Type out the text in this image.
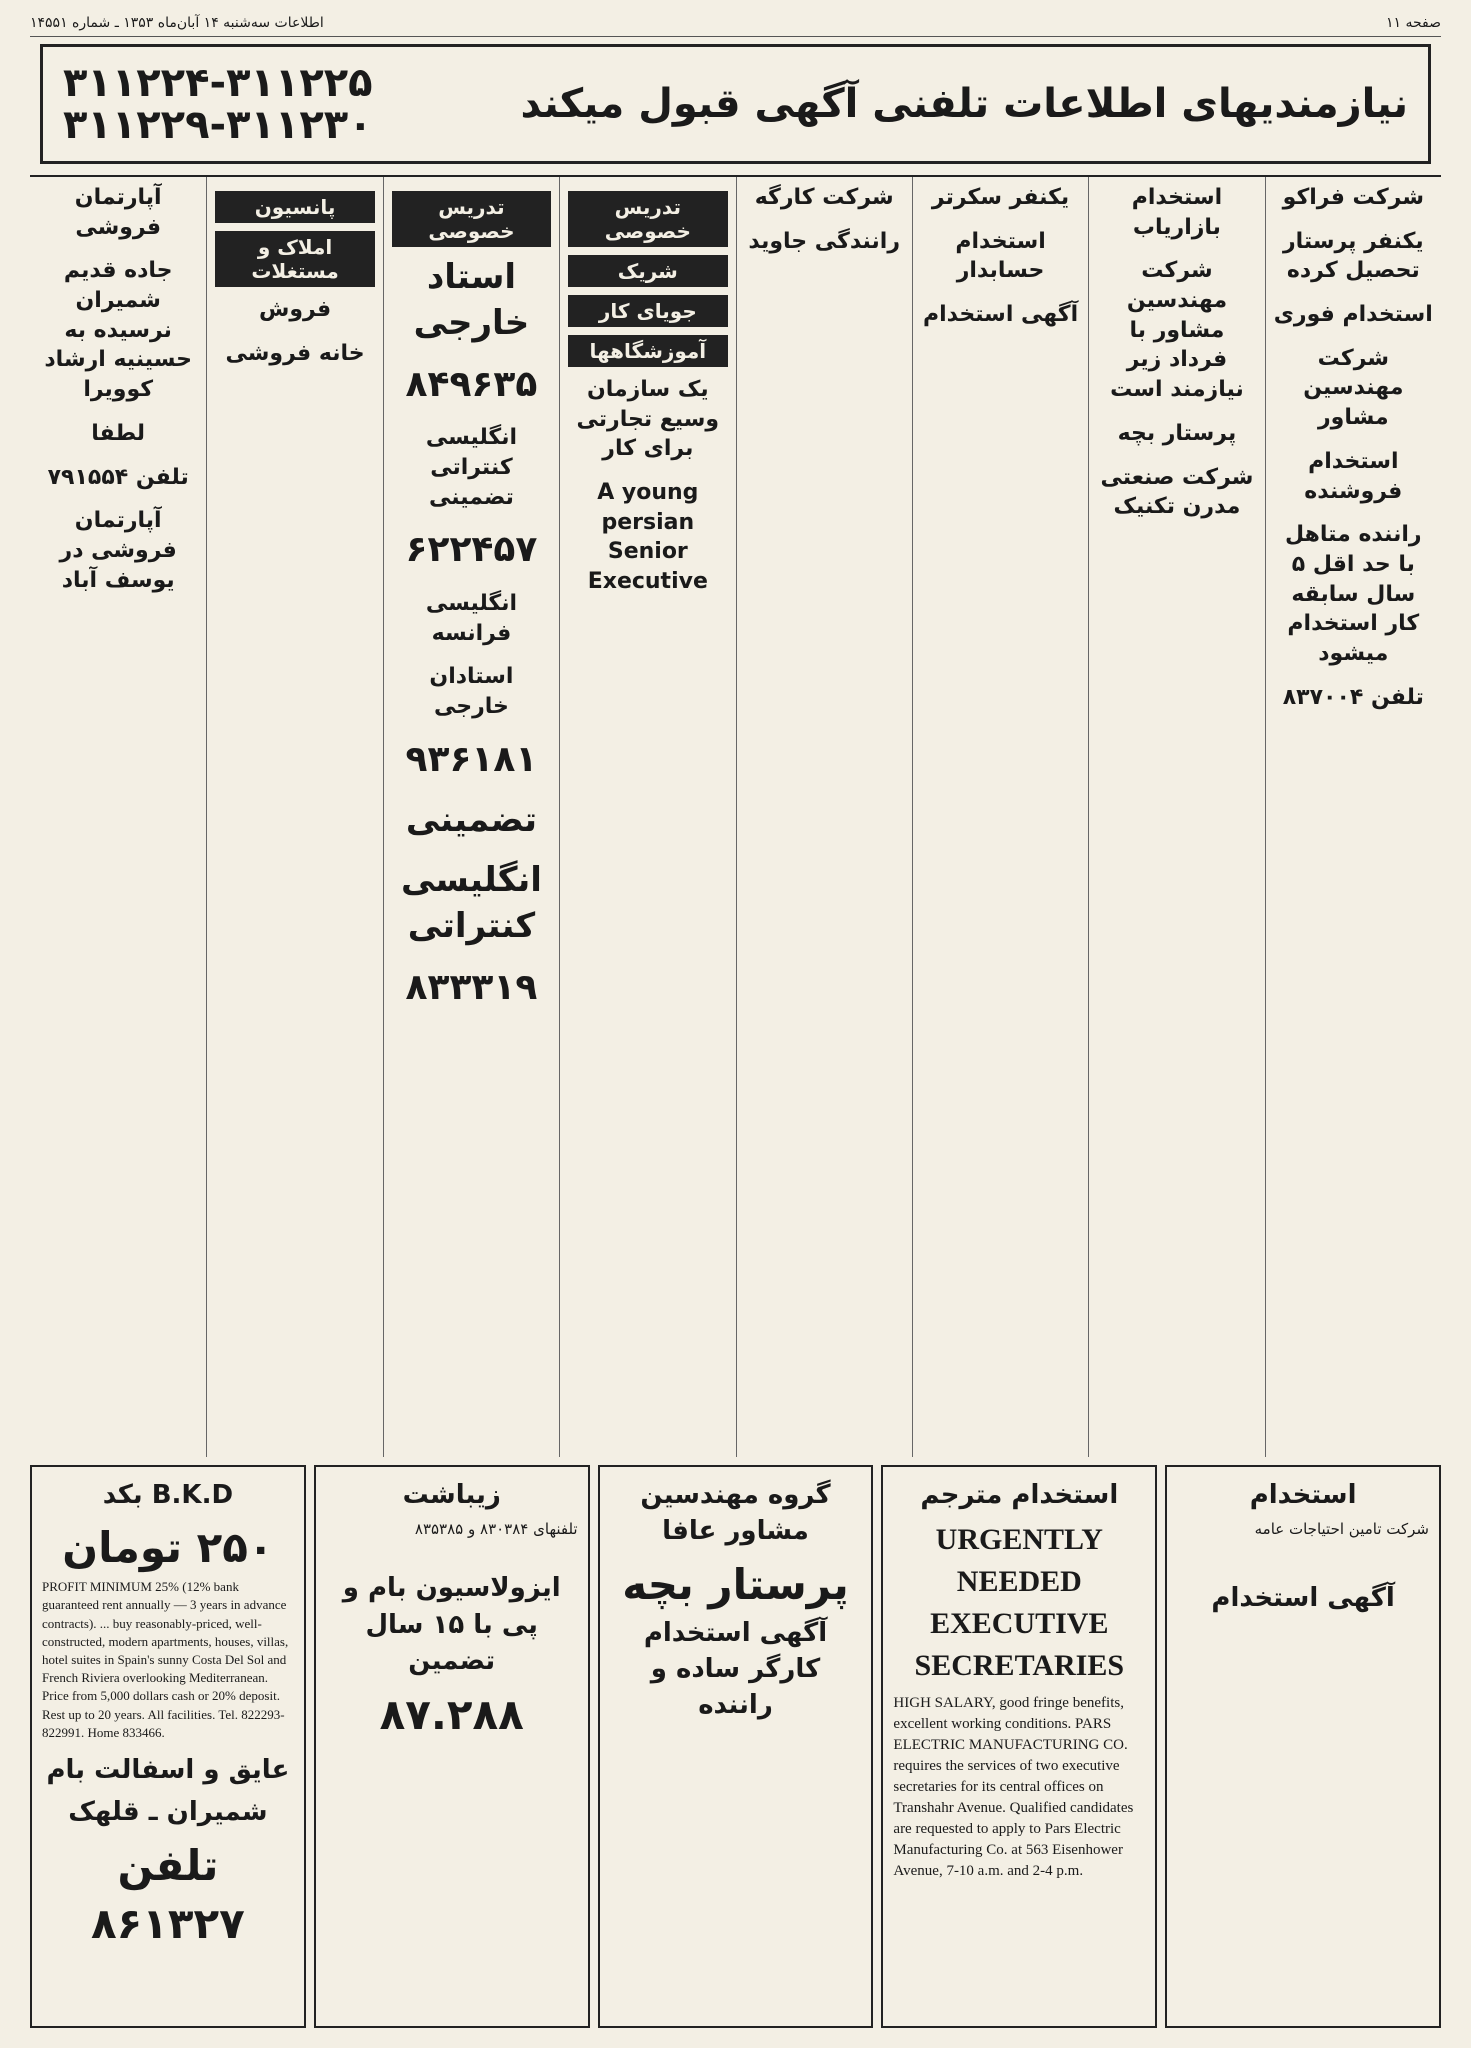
صفحه ۱۱
اطلاعات سه‌شنبه ۱۴ آبان‌ماه ۱۳۵۳ ـ شماره ۱۴۵۵۱
نیازمندیهای اطلاعات تلفنی آگهی قبول میکند
۳۱۱۲۲۴-۳۱۱۲۲۵
۳۱۱۲۲۹-۳۱۱۲۳۰
شرکت فراکو
یکنفر پرستار تحصیل کرده
استخدام فوری
شرکت مهندسین مشاور
استخدام فروشنده
راننده متاهل با حد اقل ۵ سال سابقه کار استخدام میشود
تلفن ۸۳۷۰۰۴
استخدام بازاریاب
شرکت مهندسین مشاور با فرداد زیر نیازمند است
پرستار بچه
شرکت صنعتی مدرن تکنیک
یکنفر سکرتر
استخدام حسابدار
آگهی استخدام
شرکت کارگه
رانندگی جاوید
تدریس خصوصی
شریک
جویای کار
آموزشگاهها
یک سازمان وسیع تجارتی برای کار
A young persian Senior Executive
تدریس خصوصی
استاد خارجی
۸۴۹۶۳۵
انگلیسی کنتراتی تضمینی
۶۲۲۴۵۷
انگلیسی فرانسه
استادان خارجی
۹۳۶۱۸۱
تضمینی
انگلیسی کنتراتی
۸۳۳۳۱۹
پانسیون
املاک و مستغلات
فروش
خانه فروشی
آپارتمان فروشی
جاده قدیم شمیران نرسیده به حسینیه ارشاد کوویرا
لطفا
تلفن ۷۹۱۵۵۴
آپارتمان فروشی در یوسف آباد
استخدام
شرکت تامین احتیاجات عامه
آگهی استخدام
استخدام مترجم
URGENTLY NEEDED EXECUTIVE SECRETARIES
HIGH SALARY, good fringe benefits, excellent working conditions. PARS ELECTRIC MANUFACTURING CO. requires the services of two executive secretaries for its central offices on Transhahr Avenue. Qualified candidates are requested to apply to Pars Electric Manufacturing Co. at 563 Eisenhower Avenue, 7-10 a.m. and 2-4 p.m.
گروه مهندسین مشاور عافا
پرستار بچه
آگهی استخدام کارگر ساده و راننده
زیباشت
تلفنهای ۸۳۰۳۸۴ و ۸۳۵۳۸۵
ایزولاسیون بام و پی با ۱۵ سال تضمین
۸۷.۲۸۸
B.K.D بکد
۲۵۰ تومان
PROFIT MINIMUM 25% (12% bank guaranteed rent annually — 3 years in advance contracts). ... buy reasonably-priced, well-constructed, modern apartments, houses, villas, hotel suites in Spain's sunny Costa Del Sol and French Riviera overlooking Mediterranean. Price from 5,000 dollars cash or 20% deposit. Rest up to 20 years. All facilities. Tel. 822293-822991. Home 833466.
عایق و اسفالت بام
شمیران ـ قلهک
تلفن ۸۶۱۳۲۷
